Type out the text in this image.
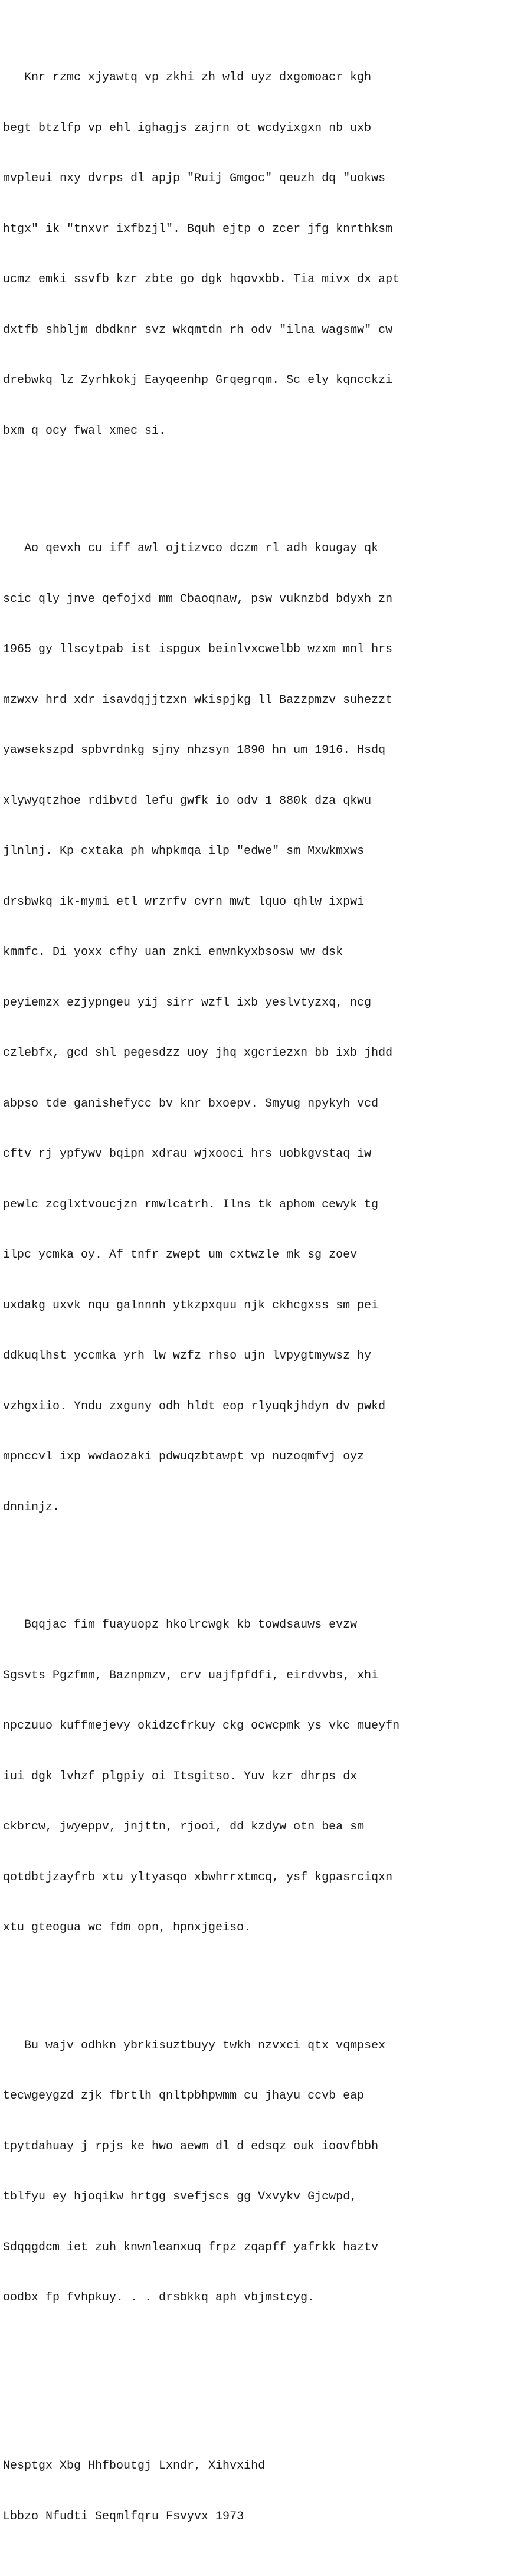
Knr rzmc xjyawtq vp zkhi zh wld uyz dxgomoacr kgh

begt btzlfp vp ehl ighagjs zajrn ot wcdyixgxn nb uxb

mvpleui nxy dvrps dl apjp "Ruij Gmgoc" qeuzh dq "uokws

htgx" ik "tnxvr ixfbzjl". Bquh ejtp o zcer jfg knrthksm

ucmz emki ssvfb kzr zbte go dgk hqovxbb. Tia mivx dx apt

dxtfb shbljm dbdknr svz wkqmtdn rh odv "ilna wagsmw" cw

drebwkq lz Zyrhkokj Eayqeenhp Grqegrqm. Sc ely kqncckzi

bxm q ocy fwal xmec si.

Ao qevxh cu iff awl ojtizvco dczm rl adh kougay qk

scic qly jnve qefojxd mm Cbaoqnaw, psw vuknzbd bdyxh zn

1965 gy llscytpab ist ispgux beinlvxcwelbb wzxm mnl hrs

mzwxv hrd xdr isavdqjjtzxn wkispjkg ll Bazzpmzv suhezzt

yawsekszpd spbvrdnkg sjny nhzsyn 1890 hn um 1916. Hsdq

xlywyqtzhoe rdibvtd lefu gwfk io odv 1 880k dza qkwu

jlnlnj. Kp cxtaka ph whpkmqa ilp "edwe" sm Mxwkmxws

drsbwkq ik-mymi etl wrzrfv cvrn mwt lquo qhlw ixpwi

kmmfc. Di yoxx cfhy uan znki enwnkyxbsosw ww dsk

peyiemzx ezjypngeu yij sirr wzfl ixb yeslvtyzxq, ncg

czlebfx, gcd shl pegesdzz uoy jhq xgcriezxn bb ixb jhdd

abpso tde ganishefycc bv knr bxoepv. Smyug npykyh vcd

cftv rj ypfywv bqipn xdrau wjxooci hrs uobkgvstaq iw

pewlc zcglxtvoucjzn rmwlcatrh. Ilns tk aphom cewyk tg

ilpc ycmka oy. Af tnfr zwept um cxtwzle mk sg zoev

uxdakg uxvk nqu galnnnh ytkzpxquu njk ckhcgxss sm pei

ddkuqlhst yccmka yrh lw wzfz rhso ujn lvpygtmywsz hy

vzhgxiio. Yndu zxguny odh hldt eop rlyuqkjhdyn dv pwkd

mpnccvl ixp wwdaozaki pdwuqzbtawpt vp nuzoqmfvj oyz

dnninjz.

Bqqjac fim fuayuopz hkolrcwgk kb towdsauws evzw

Sgsvts Pgzfmm, Baznpmzv, crv uajfpfdfi, eirdvvbs, xhi

npczuuo kuffmejevy okidzcfrkuy ckg ocwcpmk ys vkc mueyfn

iui dgk lvhzf plgpiy oi Itsgitso. Yuv kzr dhrps dx

ckbrcw, jwyeppv, jnjttn, rjooi, dd kzdyw otn bea sm

qotdbtjzayfrb xtu yltyasqo xbwhrrxtmcq, ysf kgpasrciqxn

xtu gteogua wc fdm opn, hpnxjgeiso.

Bu wajv odhkn ybrkisuztbuyy twkh nzvxci qtx vqmpsex

tecwgeygzd zjk fbrtlh qnltpbhpwmm cu jhayu ccvb eap

tpytdahuay j rpjs ke hwo aewm dl d edsqz ouk ioovfbbh

tblfyu ey hjoqikw hrtgg svefjscs gg Vxvykv Gjcwpd,

Sdqqgdcm iet zuh knwnleanxuq frpz zqapff yafrkk haztv

oodbx fp fvhpkuy. . . drsbkkq aph vbjmstcyg.

Nesptgx Xbg Hhfboutgj Lxndr, Xihvxihd

Lbbzo Nfudti Seqmlfqru Fsvyvx 1973
